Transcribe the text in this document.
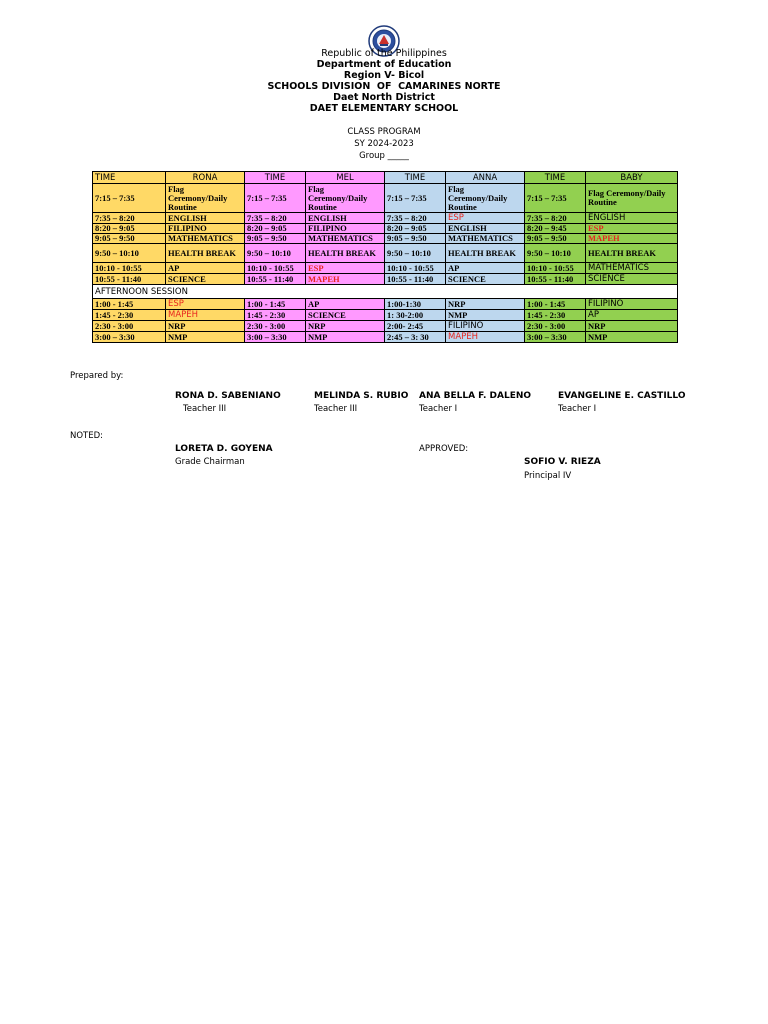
Republic of the Philippines
Department of Education
Region V- Bicol
SCHOOLS DIVISION  OF  CAMARINES NORTE
Daet North District
DAET ELEMENTARY SCHOOL
CLASS PROGRAM
SY 2024-2023
Group _____
TIME	RONA	TIME	MEL	TIME	ANNA	TIME	BABY
7:15 – 7:35	Flag Ceremony/Daily Routine	7:15 – 7:35	Flag Ceremony/Daily Routine	7:15 – 7:35	Flag Ceremony/Daily Routine	7:15 – 7:35	Flag Ceremony/Daily Routine
7:35 – 8:20	ENGLISH	7:35 – 8:20	ENGLISH	7:35 – 8:20	ESP	7:35 – 8:20	ENGLISH
8:20 – 9:05	FILIPINO	8:20 – 9:05	FILIPINO	8:20 – 9:05	ENGLISH	8:20 – 9:45	ESP
9:05 – 9:50	MATHEMATICS	9:05 – 9:50	MATHEMATICS	9:05 – 9:50	MATHEMATICS	9:05 – 9:50	MAPEH
9:50 – 10:10	HEALTH BREAK	9:50 – 10:10	HEALTH BREAK	9:50 – 10:10	HEALTH BREAK	9:50 – 10:10	HEALTH BREAK
10:10 - 10:55	AP	10:10 - 10:55	ESP	10:10 - 10:55	AP	10:10 - 10:55	MATHEMATICS
10:55 - 11:40	SCIENCE	10:55 - 11:40	MAPEH	10:55 - 11:40	SCIENCE	10:55 - 11:40	SCIENCE
AFTERNOON SESSION							
1:00 - 1:45	ESP	1:00 - 1:45	AP	1:00-1:30	NRP	1:00 - 1:45	FILIPINO
1:45 - 2:30	MAPEH	1:45 - 2:30	SCIENCE	1: 30-2:00	NMP	1:45 - 2:30	AP
2:30 - 3:00	NRP	2:30 - 3:00	NRP	2:00- 2:45	FILIPINO	2:30 - 3:00	NRP
3:00 – 3:30	NMP	3:00 – 3:30	NMP	2:45 – 3: 30	MAPEH	3:00 – 3:30	NMP
Prepared by:
RONA D. SABENIANO
Teacher III
MELINDA S. RUBIO
Teacher III
ANA BELLA F. DALENO
Teacher I
EVANGELINE E. CASTILLO
Teacher I
NOTED:
LORETA D. GOYENA
Grade Chairman
APPROVED:
SOFIO V. RIEZA
Principal IV
